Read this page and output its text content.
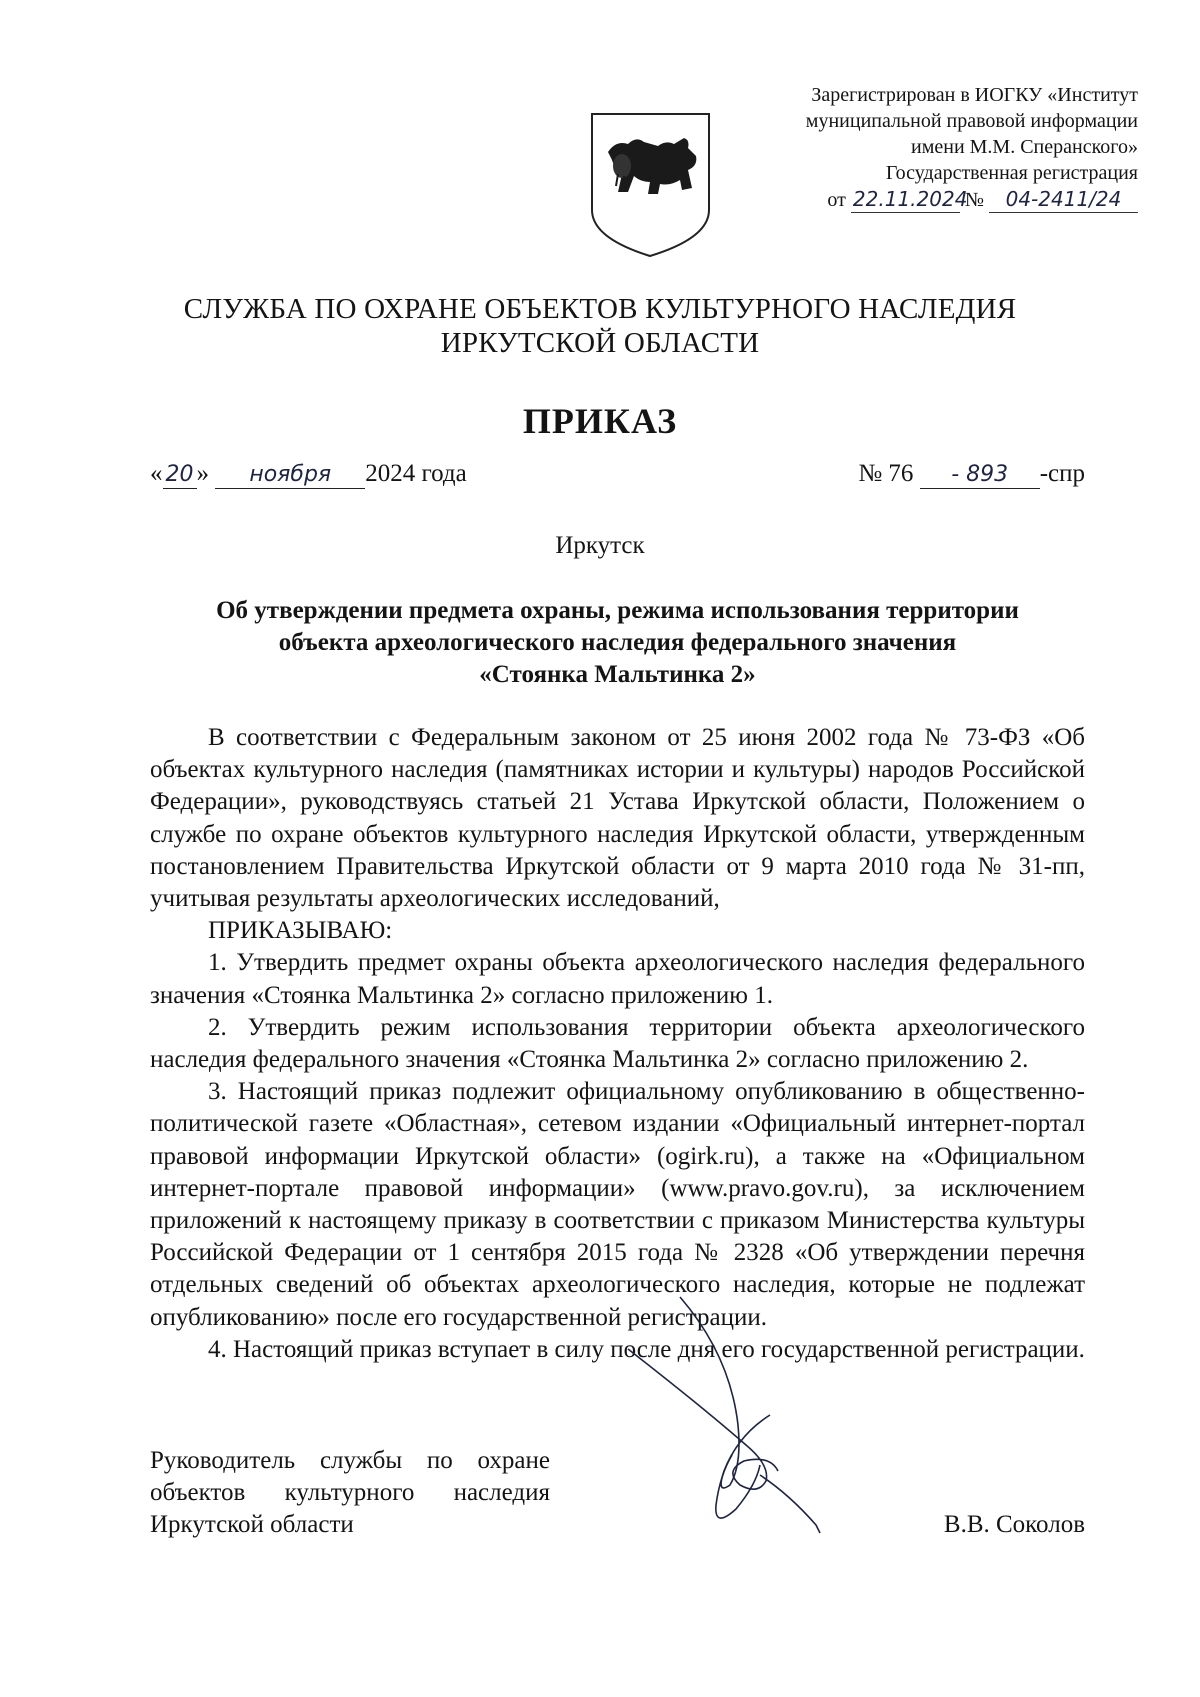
Зарегистрирован в ИОГКУ «Институт
муниципальной правовой информации
имени М.М. Сперанского»
Государственная регистрация
от 22.11.2024 № 04-2411/24
СЛУЖБА ПО ОХРАНЕ ОБЪЕКТОВ КУЛЬТУРНОГО НАСЛЕДИЯ
ИРКУТСКОЙ ОБЛАСТИ
ПРИКАЗ
« 20 » ноября 2024 года	№ 76 - 893 -спр
Иркутск
Об утверждении предмета охраны, режима использования территории
объекта археологического наследия федерального значения
«Стоянка Мальтинка 2»

В соответствии с Федеральным законом от 25 июня 2002 года № 73-ФЗ «Об объектах культурного наследия (памятниках истории и культуры) народов Российской Федерации», руководствуясь статьей 21 Устава Иркутской области, Положением о службе по охране объектов культурного наследия Иркутской области, утвержденным постановлением Правительства Иркутской области от 9 марта 2010 года № 31-пп, учитывая результаты археологических исследований,

ПРИКАЗЫВАЮ:

1. Утвердить предмет охраны объекта археологического наследия федерального значения «Стоянка Мальтинка 2» согласно приложению 1.

2. Утвердить режим использования территории объекта археологического наследия федерального значения «Стоянка Мальтинка 2» согласно приложению 2.

3. Настоящий приказ подлежит официальному опубликованию в общественно-политической газете «Областная», сетевом издании «Официальный интернет-портал правовой информации Иркутской области» (ogirk.ru), а также на «Официальном интернет-портале правовой информации» (www.pravo.gov.ru), за исключением приложений к настоящему приказу в соответствии с приказом Министерства культуры Российской Федерации от 1 сентября 2015 года № 2328 «Об утверждении перечня отдельных сведений об объектах археологического наследия, которые не подлежат опубликованию» после его государственной регистрации.

4. Настоящий приказ вступает в силу после дня его государственной регистрации.

Руководитель службы по охране объектов культурного наследия Иркутской области	В.В. Соколов
